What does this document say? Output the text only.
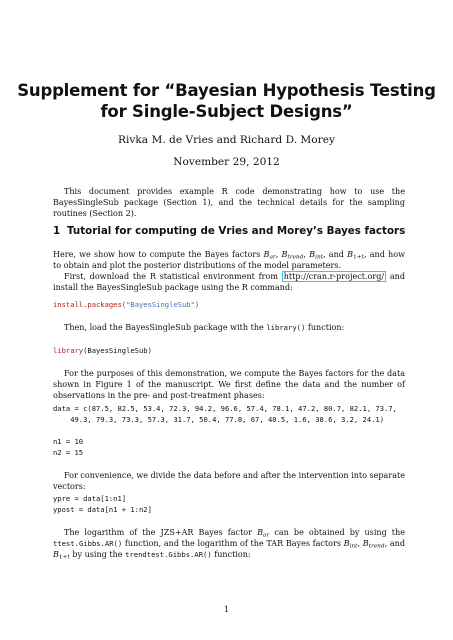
Supplement for “Bayesian Hypothesis Testing
for Single-Subject Designs”
Rivka M. de Vries and Richard D. Morey
November 29, 2012

This document provides example R code demonstrating how to use the BayesSingleSub package (Section 1), and the technical details for the sampling routines (Section 2).

1 Tutorial for computing de Vries and Morey’s Bayes factors

Here, we show how to compute the Bayes factors $B_{ar}$, $B_{trend}$, $B_{int}$, and $B_{1+t}$, and how to obtain and plot the posterior distributions of the model parameters.

First, download the R statistical environment from http://cran.r-project.org/ and install the BayesSingleSub package using the R command:

install.packages("BayesSingleSub")

Then, load the BayesSingleSub package with the library() function:

library(BayesSingleSub)

For the purposes of this demonstration, we compute the Bayes factors for the data shown in Figure 1 of the manuscript. We first define the data and the number of observations in the pre- and post-treatment phases:

data = c(87.5, 82.5, 53.4, 72.3, 94.2, 96.6, 57.4, 78.1, 47.2, 80.7, 82.1, 73.7,
49.3, 79.3, 73.3, 57.3, 31.7, 50.4, 77.8, 67, 40.5, 1.6, 38.6, 3.2, 24.1)
n1 = 10
n2 = 15

For convenience, we divide the data before and after the intervention into separate vectors:

ypre = data[1:n1]
ypost = data[n1 + 1:n2]

The logarithm of the JZS+AR Bayes factor $B_{ar}$ can be obtained by using the ttest.Gibbs.AR() function, and the logarithm of the TAR Bayes factors $B_{int}$, $B_{trend}$, and $B_{1+t}$ by using the trendtest.Gibbs.AR() function:

1
